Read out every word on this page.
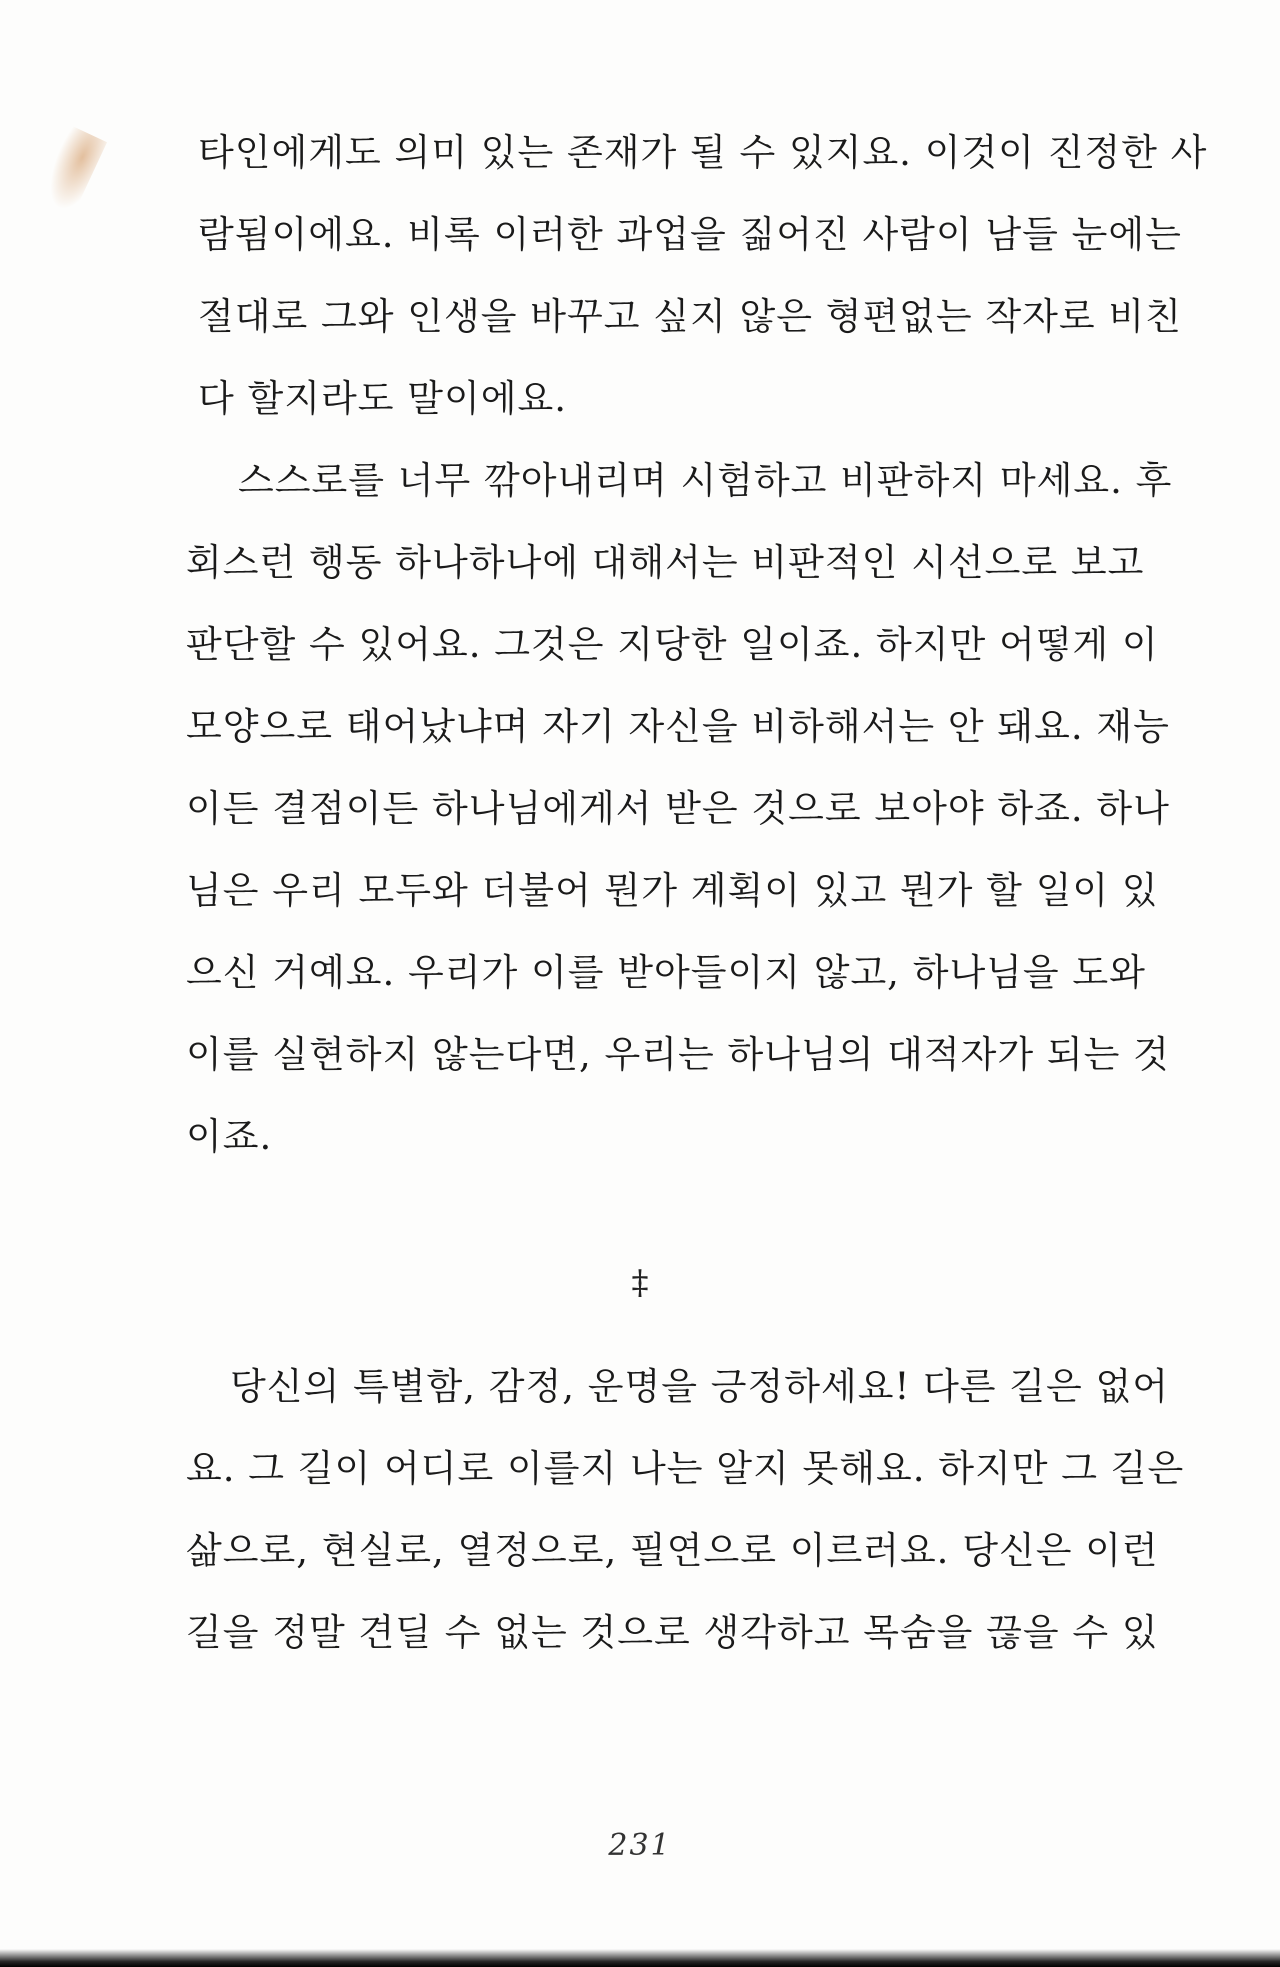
타인에게도 의미 있는 존재가 될 수 있지요. 이것이 진정한 사
람됨이에요. 비록 이러한 과업을 짊어진 사람이 남들 눈에는
절대로 그와 인생을 바꾸고 싶지 않은 형편없는 작자로 비친
다 할지라도 말이에요.
스스로를 너무 깎아내리며 시험하고 비판하지 마세요. 후
회스런 행동 하나하나에 대해서는 비판적인 시선으로 보고
판단할 수 있어요. 그것은 지당한 일이죠. 하지만 어떻게 이
모양으로 태어났냐며 자기 자신을 비하해서는 안 돼요. 재능
이든 결점이든 하나님에게서 받은 것으로 보아야 하죠. 하나
님은 우리 모두와 더불어 뭔가 계획이 있고 뭔가 할 일이 있
으신 거예요. 우리가 이를 받아들이지 않고, 하나님을 도와
이를 실현하지 않는다면, 우리는 하나님의 대적자가 되는 것
이죠.
‡
당신의 특별함, 감정, 운명을 긍정하세요! 다른 길은 없어
요. 그 길이 어디로 이를지 나는 알지 못해요. 하지만 그 길은
삶으로, 현실로, 열정으로, 필연으로 이르러요. 당신은 이런
길을 정말 견딜 수 없는 것으로 생각하고 목숨을 끊을 수 있
231
